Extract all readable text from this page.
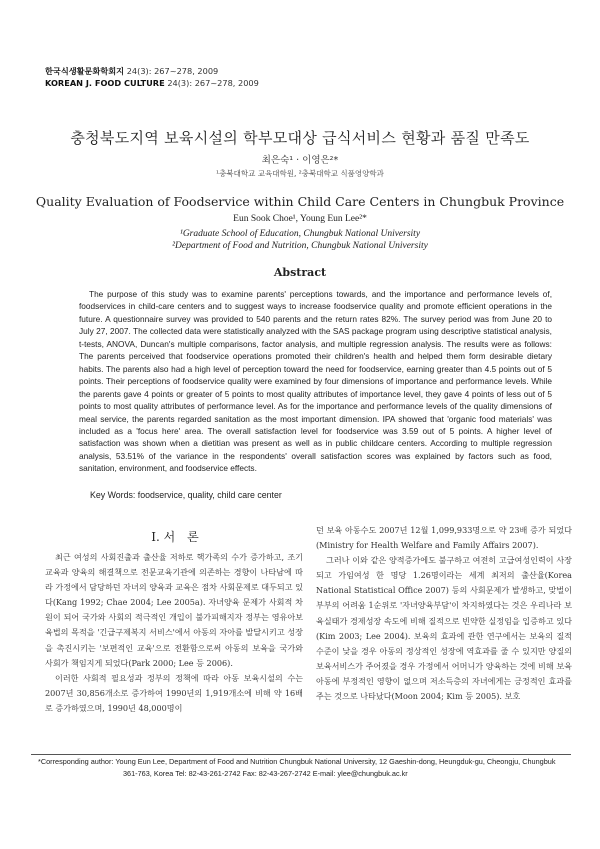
한국식생활문화학회지 24(3): 267~278, 2009
KOREAN J. FOOD CULTURE 24(3): 267~278, 2009
충청북도지역 보육시설의 학부모대상 급식서비스 현황과 품질 만족도
최은숙¹ · 이영은²*
¹충북대학교 교육대학원, ²충북대학교 식품영양학과
Quality Evaluation of Foodservice within Child Care Centers in Chungbuk Province
Eun Sook Choe¹, Young Eun Lee²*
¹Graduate School of Education, Chungbuk National University
²Department of Food and Nutrition, Chungbuk National University
Abstract

The purpose of this study was to examine parents' perceptions towards, and the importance and performance levels of, foodservices in child-care centers and to suggest ways to increase foodservice quality and promote efficient operations in the future. A questionnaire survey was provided to 540 parents and the return rates 82%. The survey period was from June 20 to July 27, 2007. The collected data were statistically analyzed with the SAS package program using descriptive statistical analysis, t-tests, ANOVA, Duncan's multiple comparisons, factor analysis, and multiple regression analysis. The results were as follows: The parents perceived that foodservice operations promoted their children's health and helped them form desirable dietary habits. The parents also had a high level of perception toward the need for foodservice, earning greater than 4.5 points out of 5 points. Their perceptions of foodservice quality were examined by four dimensions of importance and performance levels. While the parents gave 4 points or greater of 5 points to most quality attributes of importance level, they gave 4 points of less out of 5 points to most quality attributes of performance level. As for the importance and performance levels of the quality dimensions of meal service, the parents regarded sanitation as the most important dimension. IPA showed that 'organic food materials' was included as a 'focus here' area. The overall satisfaction level for foodservice was 3.59 out of 5 points. A higher level of satisfaction was shown when a dietitian was present as well as in public childcare centers. According to multiple regression analysis, 53.51% of the variance in the respondents' overall satisfaction scores was explained by factors such as food, sanitation, environment, and foodservice effects.

Key Words: foodservice, quality, child care center
I. 서　론

최근 여성의 사회진출과 출산율 저하로 핵가족의 수가 증가하고, 조기교육과 양육의 해결책으로 전문교육기관에 의존하는 경향이 나타남에 따라 가정에서 담당하던 자녀의 양육과 교육은 점차 사회문제로 대두되고 있다(Kang 1992; Chae 2004; Lee 2005a). 자녀양육 문제가 사회적 차원이 되어 국가와 사회의 적극적인 개입이 불가피해지자 정부는 영유아보육법의 목적을 '긴급구제복지 서비스'에서 아동의 자아를 발달시키고 성장을 촉진시키는 '보편적인 교육'으로 전환함으로써 아동의 보육을 국가와 사회가 책임지게 되었다(Park 2000; Lee 등 2006).

이러한 사회적 필요성과 정부의 정책에 따라 아동 보육시설의 수는 2007년 30,856개소로 증가하여 1990년의 1,919개소에 비해 약 16배로 증가하였으며, 1990년 48,000명이

던 보육 아동수도 2007년 12월 1,099,933명으로 약 23배 증가 되었다(Ministry for Health Welfare and Family Affairs 2007).

그러나 이와 같은 양적증가에도 불구하고 여전히 고급여성인력이 사장되고 가임여성 한 명당 1.26명이라는 세계 최저의 출산율(Korea National Statistical Office 2007) 등의 사회문제가 발생하고, 맞벌이 부부의 어려움 1순위로 '자녀양육부담'이 차지하였다는 것은 우리나라 보육실태가 경제성장 속도에 비해 질적으로 빈약한 실정임을 입증하고 있다(Kim 2003; Lee 2004). 보육의 효과에 관한 연구에서는 보육의 질적 수준이 낮을 경우 아동의 정상적인 성장에 역효과를 줄 수 있지만 양질의 보육서비스가 주어졌을 경우 가정에서 어머니가 양육하는 것에 비해 보육아동에 부정적인 영향이 없으며 저소득층의 자녀에게는 긍정적인 효과를 주는 것으로 나타났다(Moon 2004; Kim 등 2005). 보호

*Corresponding author: Young Eun Lee, Department of Food and Nutrition Chungbuk National University, 12 Gaeshin-dong, Heungduk-gu, Cheongju, Chungbuk
361-763, Korea Tel: 82-43-261-2742 Fax: 82-43-267-2742 E-mail: ylee@chungbuk.ac.kr
